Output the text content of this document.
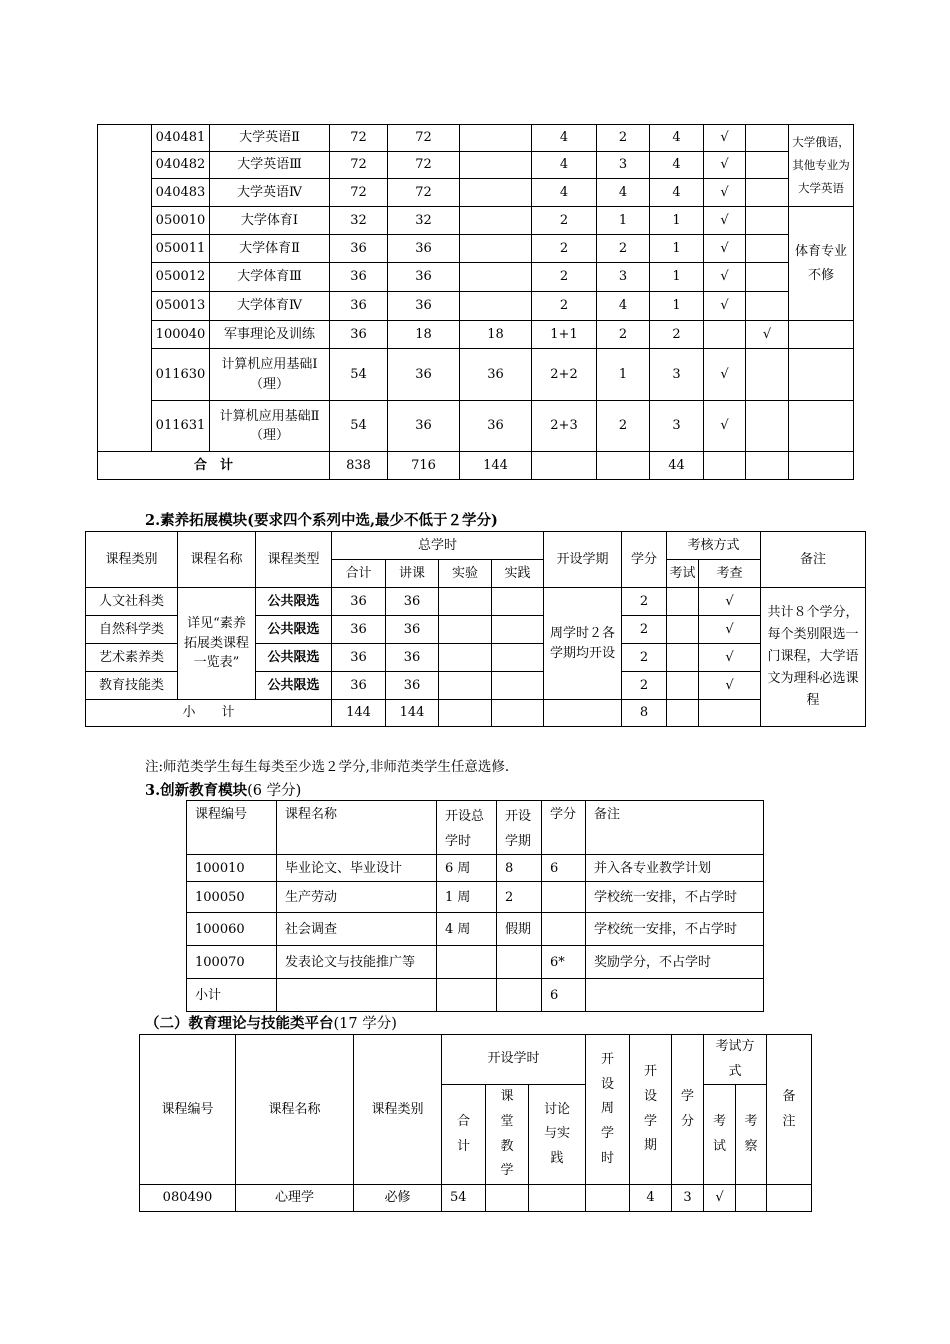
	040481	大学英语Ⅱ	72	72		4	2	4	√		大学俄语，其他专业为大学英语
	040482	大学英语Ⅲ	72	72		4	3	4	√		
	040483	大学英语Ⅳ	72	72		4	4	4	√		
	050010	大学体育Ⅰ	32	32		2	1	1	√		体育专业不修
	050011	大学体育Ⅱ	36	36		2	2	1	√		
	050012	大学体育Ⅲ	36	36		2	3	1	√		
	050013	大学体育Ⅳ	36	36		2	4	1	√		
	100040	军事理论及训练	36	18	18	1+1	2	2		√	
	011630	计算机应用基础Ⅰ（理）	54	36	36	2+2	1	3	√		
	011631	计算机应用基础Ⅱ（理）	54	36	36	2+3	2	3	√		
合　计			838	716	144			44			
2.素养拓展模块(要求四个系列中选,最少不低于２学分)
课程类别	课程名称	课程类型	总学时				开设学期	学分	考核方式		备注
			合计	讲课	实验	实践			考试	考查	
人文社科类	详见“素养拓展类课程一览表”	公共限选	36	36			周学时２各学期均开设	2		√	共计８个学分，每个类别限选一门课程，大学语文为理科必选课程
自然科学类		公共限选	36	36				2		√	
艺术素养类		公共限选	36	36				2		√	
教育技能类		公共限选	36	36				2		√	
小　　计			144	144				8			
注:师范类学生每生每类至少选２学分,非师范类学生任意选修.
3.创新教育模块(6 学分)
课程编号	课程名称	开设总学时	开设学期	学分	备注
100010	毕业论文、毕业设计	6 周	8	6	并入各专业教学计划
100050	生产劳动	1 周	2		学校统一安排，不占学时
100060	社会调查	4 周	假期		学校统一安排，不占学时
100070	发表论文与技能推广等			6*	奖励学分，不占学时
小计				6	
（二）教育理论与技能类平台(17 学分)
课程编号	课程名称	课程类别	开设学时			开设周学时	开设学期	学分	考试方式		备注
			合计	课堂教学	讨论与实践				考试	考察	
080490	心理学	必修	54				4	3	√		
